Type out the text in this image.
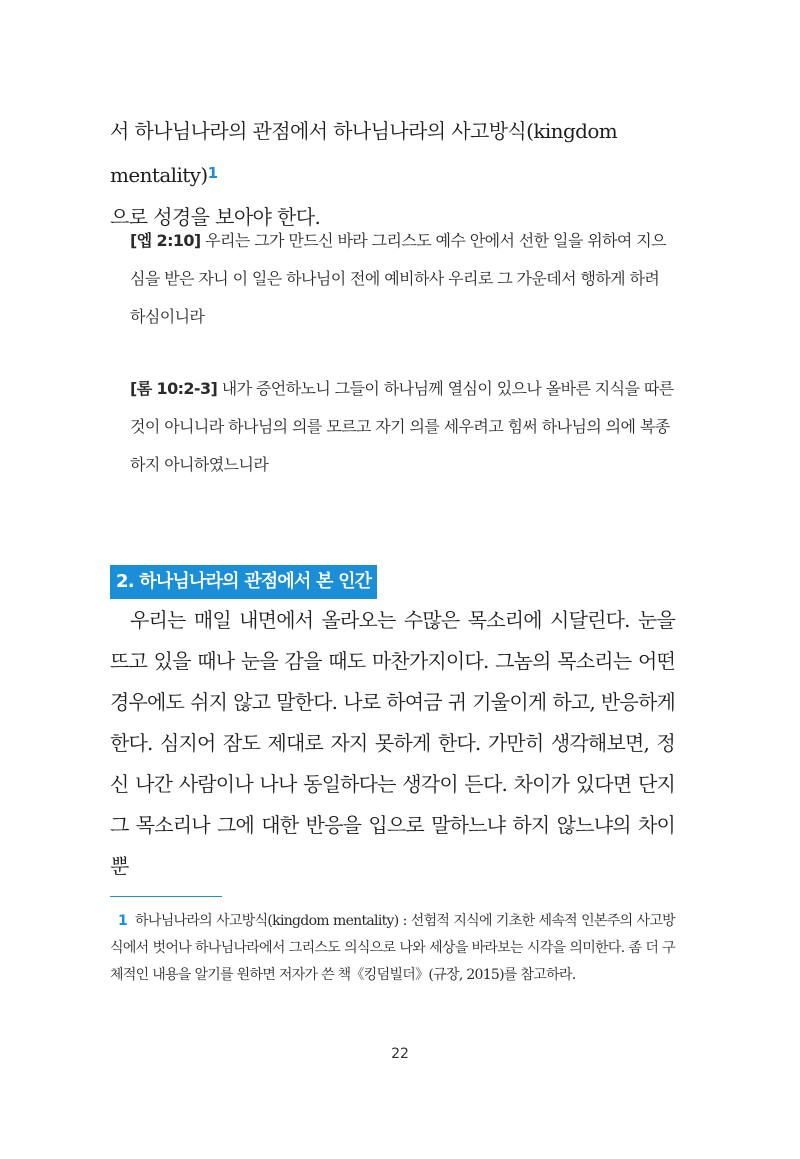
서 하나님나라의 관점에서 하나님나라의 사고방식(kingdom mentality)$^1$
으로 성경을 보아야 한다.

[엡 2:10] 우리는 그가 만드신 바라 그리스도 예수 안에서 선한 일을 위하여 지으심을 받은 자니 이 일은 하나님이 전에 예비하사 우리로 그 가운데서 행하게 하려 하심이니라

[롬 10:2-3] 내가 증언하노니 그들이 하나님께 열심이 있으나 올바른 지식을 따른 것이 아니니라 하나님의 의를 모르고 자기 의를 세우려고 힘써 하나님의 의에 복종하지 아니하였느니라

2. 하나님나라의 관점에서 본 인간

우리는 매일 내면에서 올라오는 수많은 목소리에 시달린다. 눈을 뜨고 있을 때나 눈을 감을 때도 마찬가지이다. 그놈의 목소리는 어떤 경우에도 쉬지 않고 말한다. 나로 하여금 귀 기울이게 하고, 반응하게 한다. 심지어 잠도 제대로 자지 못하게 한다. 가만히 생각해보면, 정신 나간 사람이나 나나 동일하다는 생각이 든다. 차이가 있다면 단지 그 목소리나 그에 대한 반응을 입으로 말하느냐 하지 않느냐의 차이뿐

1 하나님나라의 사고방식(kingdom mentality) : 선험적 지식에 기초한 세속적 인본주의 사고방식에서 벗어나 하나님나라에서 그리스도 의식으로 나와 세상을 바라보는 시각을 의미한다. 좀 더 구체적인 내용을 알기를 원하면 저자가 쓴 책《킹덤빌더》(규장, 2015)를 참고하라.

22
